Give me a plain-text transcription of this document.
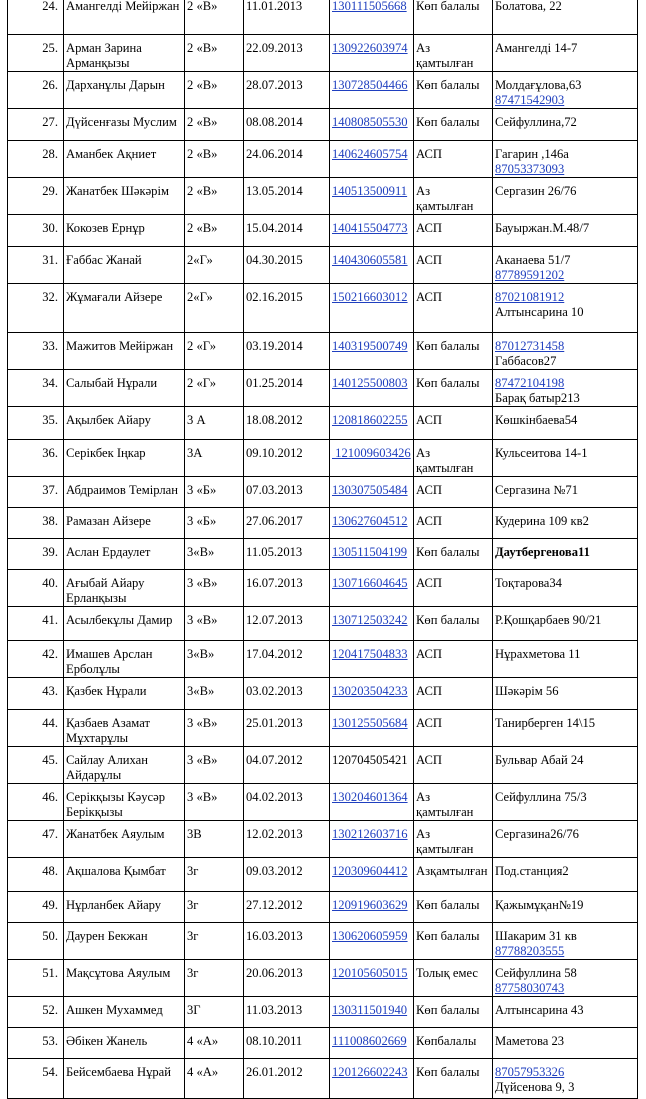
24.	Амангелді Мейіржан	2 «В»	11.01.2013	130111505668	Көп балалы	Болатова, 22

25.	Арман Зарина Арманқызы	2 «В»	22.09.2013	130922603974	Аз қамтылған	Амангелді 14-7

26.	Дарханұлы Дарын	2 «В»	28.07.2013	130728504466	Көп балалы	Молдағұлова,63
87471542903

27.	Дүйсенғазы Муслим	2 «В»	08.08.2014	140808505530	Көп балалы	Сейфуллина,72

28.	Аманбек Ақниет	2 «В»	24.06.2014	140624605754	АСП	Гагарин ,146а
87053373093

29.	Жанатбек Шәкәрім	2 «В»	13.05.2014	140513500911	Аз қамтылған	Сергазин 26/76

30.	Кокозев Ернұр	2 «В»	15.04.2014	140415504773	АСП	Бауыржан.М.48/7

31.	Ғаббас Жанай	2«Г»	04.30.2015	140430605581	АСП	Аканаева 51/7
87789591202

32.	Жұмағали Айзере	2«Г»	02.16.2015	150216603012	АСП	87021081912
Алтынсарина 10

33.	Мажитов Мейіржан	2 «Г»	03.19.2014	140319500749	Көп балалы	87012731458
Габбасов27

34.	Салыбай Нұрали	2 «Г»	01.25.2014	140125500803	Көп балалы	87472104198
Барақ батыр213

35.	Ақылбек Айару	3 А	18.08.2012	120818602255	АСП	Көшкінбаева54

36.	Серікбек Іңкар	3А	09.10.2012	121009603426	Аз қамтылған	Кульсеитова 14-1

37.	Абдраимов Темірлан	3 «Б»	07.03.2013	130307505484	АСП	Сергазина №71

38.	Рамазан Айзере	3 «Б»	27.06.2017	130627604512	АСП	Кудерина 109 кв2

39.	Аслан Ердаулет	3«В»	11.05.2013	130511504199	Көп балалы	Даутбергенова11

40.	Ағыбай Айару Ерланқызы	3 «В»	16.07.2013	130716604645	АСП	Тоқтарова34

41.	Асылбекұлы Дамир	3 «В»	12.07.2013	130712503242	Көп балалы	Р.Қошқарбаев 90/21

42.	Имашев Арслан Ерболұлы	3«В»	17.04.2012	120417504833	АСП	Нұрахметова 11

43.	Қазбек Нұрали	3«В»	03.02.2013	130203504233	АСП	Шәкәрім 56

44.	Қазбаев Азамат Мұхтарұлы	3 «В»	25.01.2013	130125505684	АСП	Танирберген 14\15

45.	Сайлау Алихан Айдарұлы	3 «В»	04.07.2012	120704505421	АСП	Бульвар Абай 24

46.	Серікқызы Кәусәр Берікқызы	3 «В»	04.02.2013	130204601364	Аз қамтылған	Сейфуллина 75/3

47.	Жанатбек Аяулым	3В	12.02.2013	130212603716	Аз қамтылған	Сергазина26/76

48.	Ақшалова Қымбат	3г	09.03.2012	120309604412	Азқамтылған	Под.станция2

49.	Нұрланбек Айару	3г	27.12.2012	120919603629	Көп балалы	Қажымұқан№19

50.	Даурен Бекжан	3г	16.03.2013	130620605959	Көп балалы	Шакарим 31 кв
87788203555

51.	Мақсұтова Аяулым	3г	20.06.2013	120105605015	Толық емес	Сейфуллина 58
87758030743

52.	Ашкен Мухаммед	3Г	11.03.2013	130311501940	Көп балалы	Алтынсарина 43

53.	Әбікен Жанель	4 «А»	08.10.2011	111008602669	Көпбалалы	Маметова 23

54.	Бейсембаева Нұрай	4 «А»	26.01.2012	120126602243	Көп балалы	87057953326
Дүйсенова 9, 3
